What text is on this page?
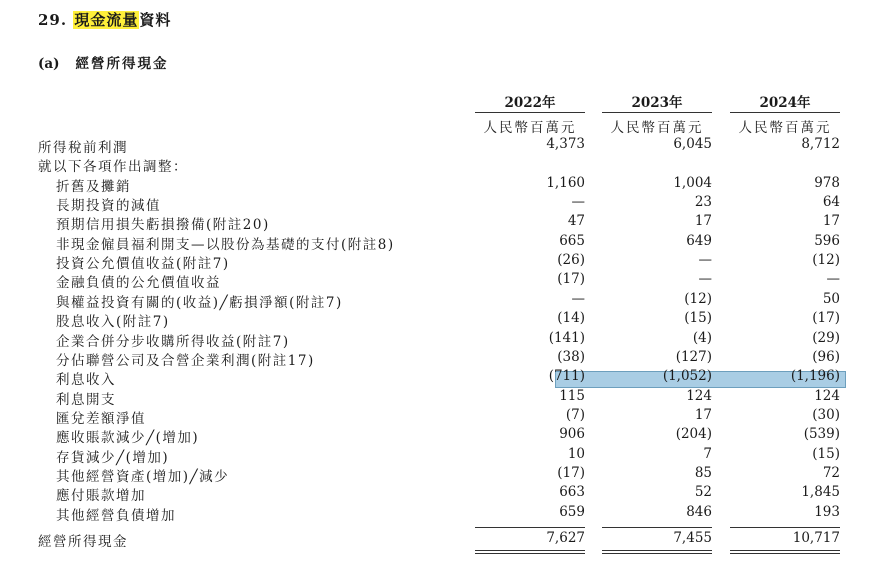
29. 現金流量資料
(a) 經營所得現金
2022年	2023年	2024年
人民幣百萬元	人民幣百萬元	人民幣百萬元
所得稅前利潤	4,373	6,045	8,712
就以下各項作出調整：
折舊及攤銷	1,160	1,004	978
長期投資的減值	—	23	64
預期信用損失虧損撥備(附註20)	47	17	17
非現金僱員福利開支—以股份為基礎的支付(附註8)	665	649	596
投資公允價值收益(附註7)	(26)	—	(12)
金融負債的公允價值收益	(17)	—	—
與權益投資有關的(收益)╱虧損淨額(附註7)	—	(12)	50
股息收入(附註7)	(14)	(15)	(17)
企業合併分步收購所得收益(附註7)	(141)	(4)	(29)
分佔聯營公司及合營企業利潤(附註17)	(38)	(127)	(96)
利息收入	(711)	(1,052)	(1,196)
利息開支	115	124	124
匯兌差額淨值	(7)	17	(30)
應收賬款減少╱(增加)	906	(204)	(539)
存貨減少╱(增加)	10	7	(15)
其他經營資產(增加)╱減少	(17)	85	72
應付賬款增加	663	52	1,845
其他經營負債增加	659	846	193
經營所得現金	7,627	7,455	10,717
